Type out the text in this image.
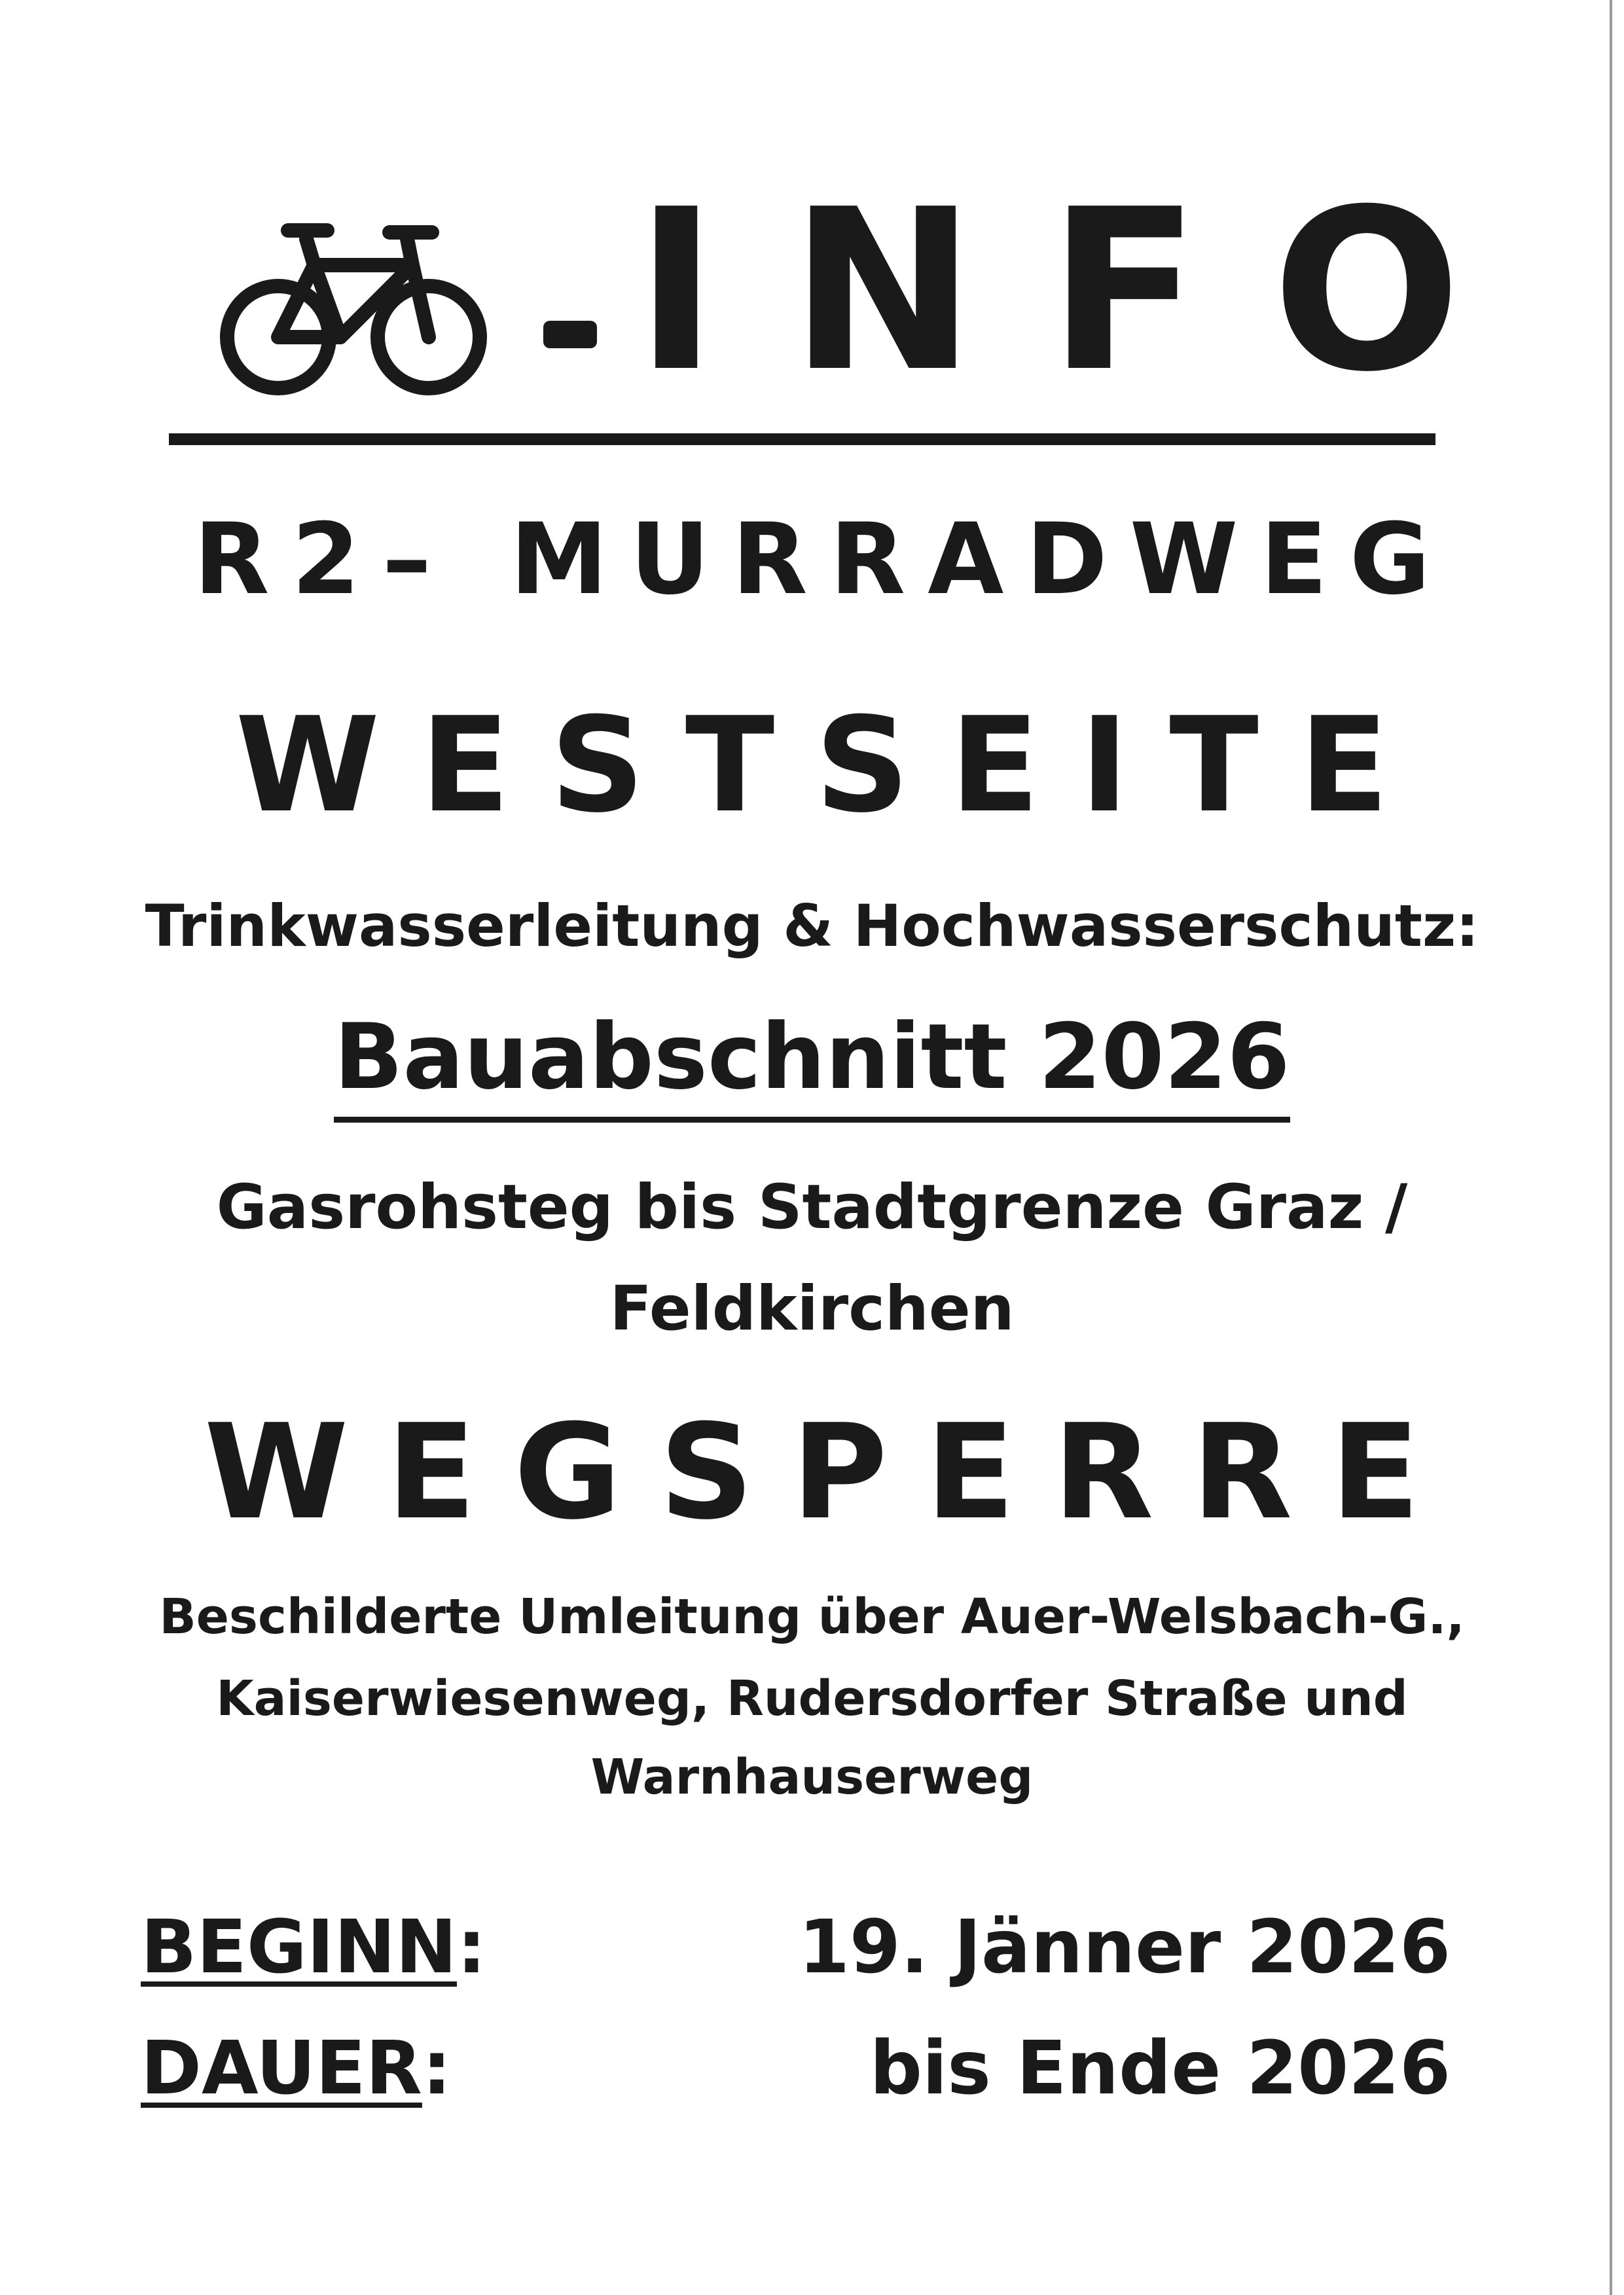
INFO
R2– MURRADWEG
WESTSEITE
Trinkwasserleitung & Hochwasserschutz:
Bauabschnitt 2026
Gasrohsteg bis Stadtgrenze Graz /
Feldkirchen
WEGSPERRE
Beschilderte Umleitung über Auer-Welsbach-G.,
Kaiserwiesenweg, Rudersdorfer Straße und
Warnhauserweg
BEGINN:	19. Jänner 2026
DAUER:	bis Ende 2026
